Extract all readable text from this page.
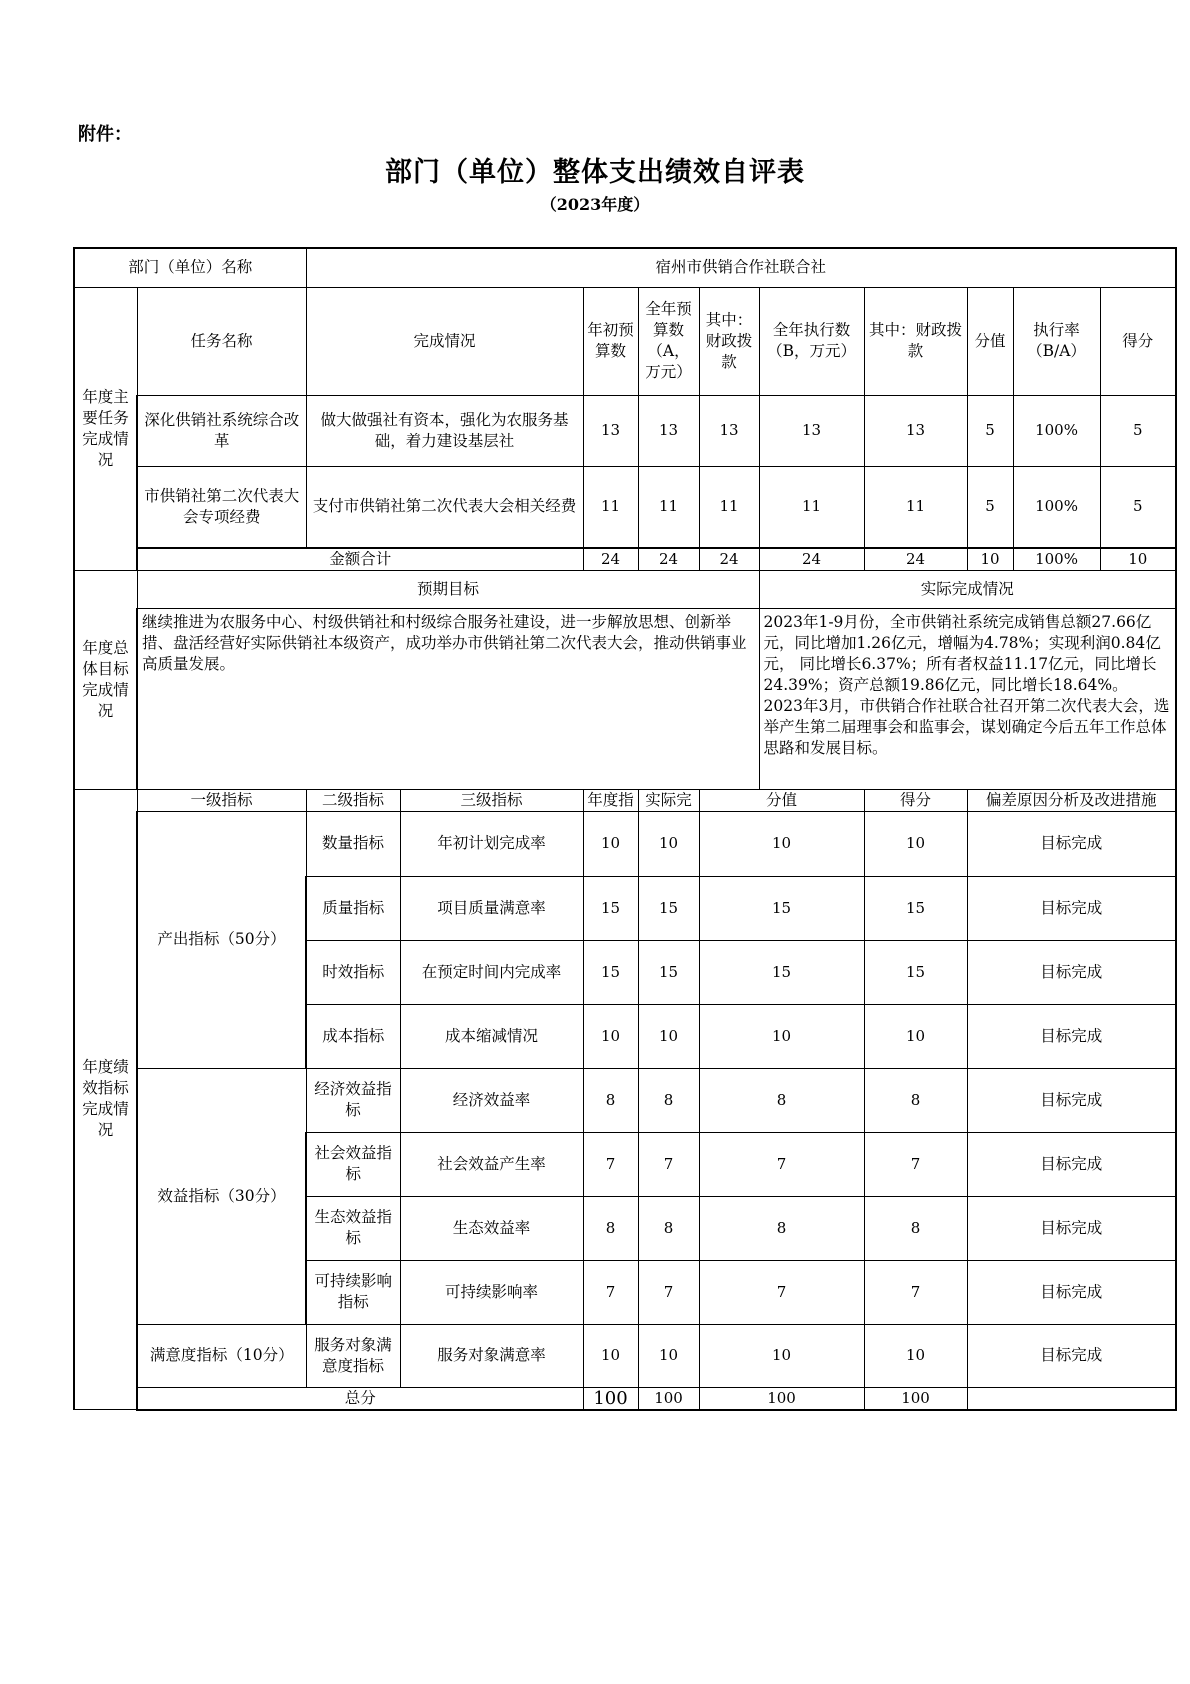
附件：
部门（单位）整体支出绩效自评表
（2023年度）
部门（单位）名称		宿州市供销合作社联合社									
年度主要任务完成情况	任务名称	完成情况		年初预算数	全年预算数（A，万元）	其中：财政拨款	全年执行数（B，万元）	其中：财政拨款	分值	执行率（B/A）	得分
	深化供销社系统综合改革	做大做强社有资本，强化为农服务基础，着力建设基层社		13	13	13	13	13	5	100%	5
	市供销社第二次代表大会专项经费	支付市供销社第二次代表大会相关经费		11	11	11	11	11	5	100%	5

	金额合计			24	24	24	24	24	10	100%	10
年度总体目标完成情况	预期目标						实际完成情况				
	继续推进为农服务中心、村级供销社和村级综合服务社建设，进一步解放思想、创新举措、盘活经营好实际供销社本级资产，成功举办市供销社第二次代表大会，推动供销事业高质量发展。						2023年1-9月份，全市供销社系统完成销售总额27.66亿元，同比增加1.26亿元，增幅为4.78%；实现利润0.84亿元， 同比增长6.37%；所有者权益11.17亿元，同比增长24.39%；资产总额19.86亿元，同比增长18.64%。
2023年3月，市供销合作社联合社召开第二次代表大会，选举产生第二届理事会和监事会，谋划确定今后五年工作总体思路和发展目标。				

年度绩效指标完成情况	一级指标	二级指标	三级指标	年度指	实际完	分值		得分	偏差原因分析及改进措施		
	产出指标（50分）	数量指标	年初计划完成率	10	10	10		10	目标完成		
		质量指标	项目质量满意率	15	15	15		15	目标完成		
		时效指标	在预定时间内完成率	15	15	15		15	目标完成		
		成本指标	成本缩减情况	10	10	10		10	目标完成		
	效益指标（30分）	经济效益指标	经济效益率	8	8	8		8	目标完成		
		社会效益指标	社会效益产生率	7	7	7		7	目标完成		
		生态效益指标	生态效益率	8	8	8		8	目标完成		
		可持续影响指标	可持续影响率	7	7	7		7	目标完成		
	满意度指标（10分）	服务对象满意度指标	服务对象满意率	10	10	10		10	目标完成		
	总分			100	100	100		100			
